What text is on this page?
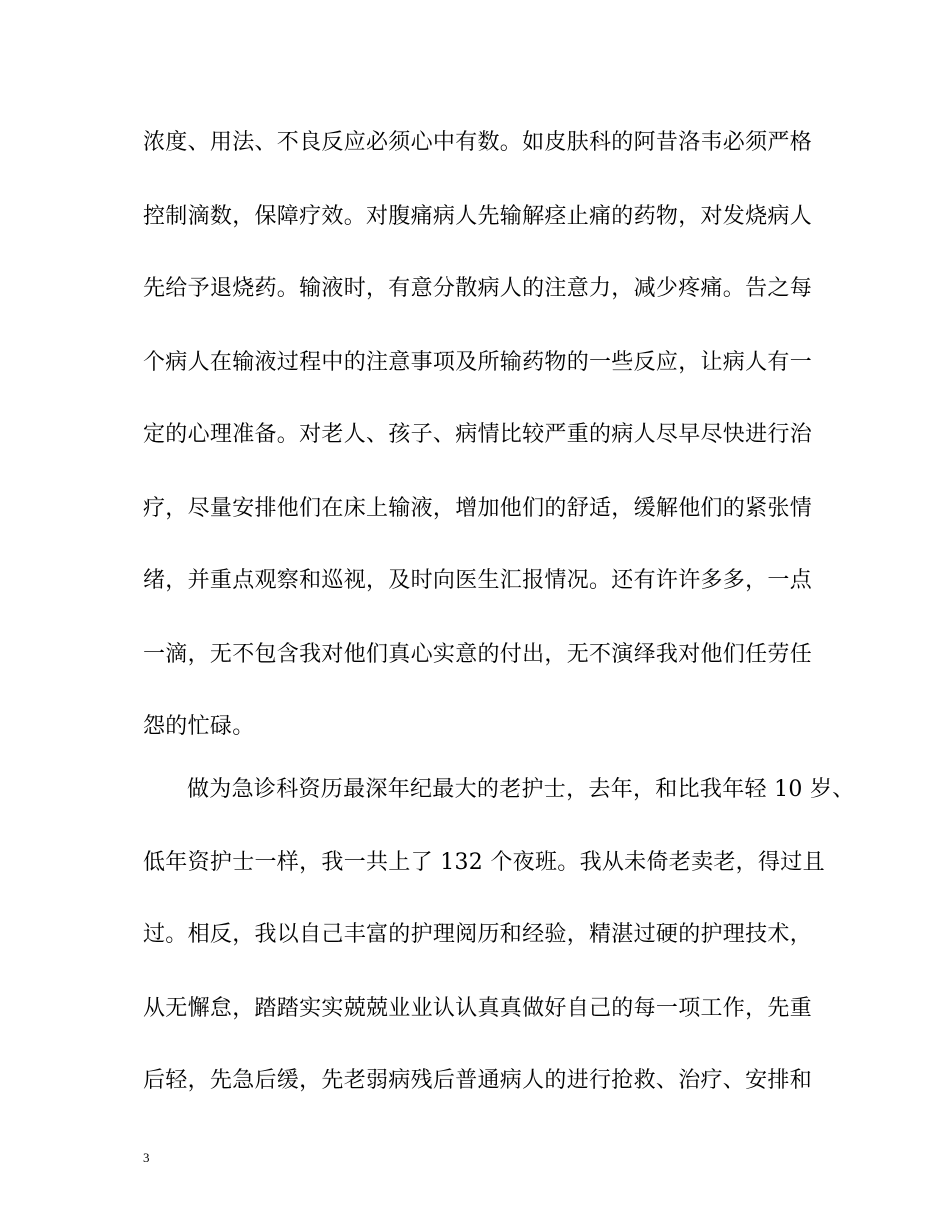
浓度、用法、不良反应必须心中有数。如皮肤科的阿昔洛韦必须严格
控制滴数，保障疗效。对腹痛病人先输解痉止痛的药物，对发烧病人
先给予退烧药。输液时，有意分散病人的注意力，减少疼痛。告之每
个病人在输液过程中的注意事项及所输药物的一些反应，让病人有一
定的心理准备。对老人、孩子、病情比较严重的病人尽早尽快进行治
疗，尽量安排他们在床上输液，增加他们的舒适，缓解他们的紧张情
绪，并重点观察和巡视，及时向医生汇报情况。还有许许多多，一点
一滴，无不包含我对他们真心实意的付出，无不演绎我对他们任劳任
怨的忙碌。
做为急诊科资历最深年纪最大的老护士，去年，和比我年轻 10 岁、
低年资护士一样，我一共上了 132 个夜班。我从未倚老卖老，得过且
过。相反，我以自己丰富的护理阅历和经验，精湛过硬的护理技术，
从无懈怠，踏踏实实兢兢业业认认真真做好自己的每一项工作，先重
后轻，先急后缓，先老弱病残后普通病人的进行抢救、治疗、安排和
3
